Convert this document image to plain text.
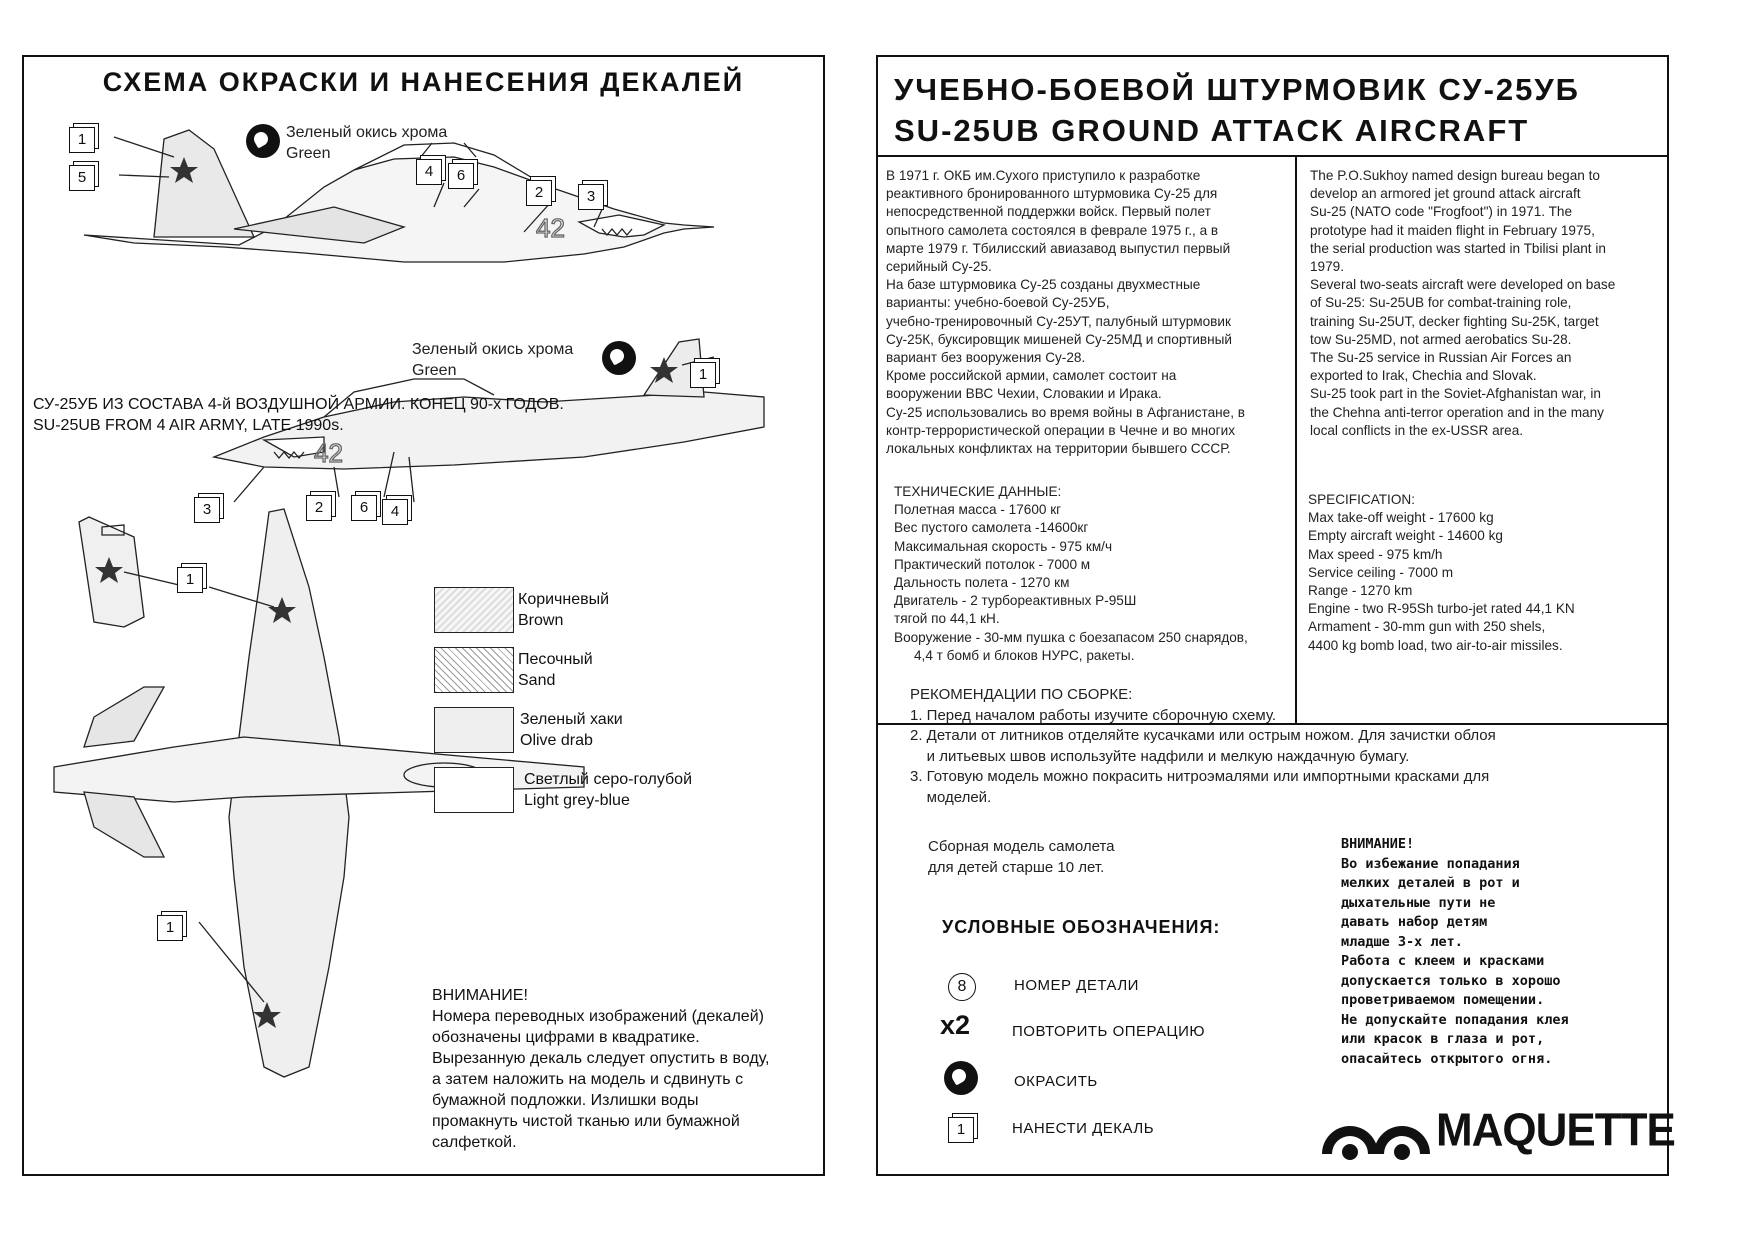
СХЕМА ОКРАСКИ И НАНЕСЕНИЯ ДЕКАЛЕЙ
Зеленый окись хрома
Green
Зеленый окись хрома
Green
42
42
1
5	4	6
2	3
1
3	2	6	4
1
1
СУ-25УБ ИЗ СОСТАВА 4-й ВОЗДУШНОЙ АРМИИ. КОНЕЦ 90-х ГОДОВ.
SU-25UB FROM 4 AIR ARMY, LATE 1990s.
Коричневый
Brown
Песочный
Sand
Зеленый хаки
Olive drab
Светлый серо-голубой
Light grey-blue
ВНИМАНИЕ!
Номера переводных изображений (декалей)
обозначены цифрами в квадратике.
Вырезанную декаль следует опустить в воду,
а затем наложить на модель и сдвинуть с
бумажной подложки. Излишки воды
промакнуть чистой тканью или бумажной
салфеткой.
УЧЕБНО-БОЕВОЙ ШТУРМОВИК СУ-25УБ
SU-25UB GROUND ATTACK AIRCRAFT
В 1971 г. ОКБ им.Сухого приступило к разработке
реактивного бронированного штурмовика Су-25 для
непосредственной поддержки войск. Первый полет
опытного самолета состоялся в феврале 1975 г., а в
марте 1979 г. Тбилисский авиазавод выпустил первый
серийный Су-25.
На базе штурмовика Су-25 созданы двухместные
варианты: учебно-боевой Су-25УБ,
учебно-тренировочный Су-25УТ, палубный штурмовик
Су-25К, буксировщик мишеней Су-25МД и спортивный
вариант без вооружения Су-28.
Кроме российской армии, самолет состоит на
вооружении ВВС Чехии, Словакии и Ирака.
Су-25 использовались во время войны в Афганистане, в
контр-террористической операции в Чечне и во многих
локальных конфликтах на территории бывшего СССР.
The P.O.Sukhoy named design bureau began to
develop an armored jet ground attack aircraft
Su-25 (NATO code "Frogfoot") in 1971. The
prototype had it maiden flight in February 1975,
the serial production was started in Tbilisi plant in
1979.
Several two-seats aircraft were developed on base
of Su-25: Su-25UB for combat-training role,
training Su-25UT, decker fighting Su-25K, target
tow Su-25MD, not armed aerobatics Su-28.
The Su-25 service in Russian Air Forces an
exported to Irak, Chechia and Slovak.
Su-25 took part in the Soviet-Afghanistan war, in
the Chehna anti-terror operation and in the many
local conflicts in the ex-USSR area.
ТЕХНИЧЕСКИЕ ДАННЫЕ:
Полетная масса - 17600 кг
Вес пустого самолета -14600кг
Максимальная скорость - 975 км/ч
Практический потолок - 7000 м
Дальность полета - 1270 км
Двигатель - 2 турбореактивных Р-95Ш
тягой по 44,1 кН.
Вооружение - 30-мм пушка с боезапасом 250 снарядов,
4,4 т бомб и блоков НУРС, ракеты.
SPECIFICATION:
Max take-off weight - 17600 kg
Empty aircraft weight - 14600 kg
Max speed - 975 km/h
Service ceiling - 7000 m
Range - 1270 km
Engine - two R-95Sh turbo-jet rated 44,1 KN
Armament - 30-mm gun with 250 shels,
4400 kg bomb load, two air-to-air missiles.
РЕКОМЕНДАЦИИ ПО СБОРКЕ:
1. Перед началом работы изучите сборочную схему.
2. Детали от литников отделяйте кусачками или острым ножом. Для зачистки облоя
и литьевых швов используйте надфили и мелкую наждачную бумагу.
3. Готовую модель можно покрасить нитроэмалями или импортными красками для
моделей.
Сборная модель самолета
для детей старше 10 лет.
УСЛОВНЫЕ ОБОЗНАЧЕНИЯ:
8	НОМЕР ДЕТАЛИ
x2	ПОВТОРИТЬ ОПЕРАЦИЮ
ОКРАСИТЬ
1	НАНЕСТИ ДЕКАЛЬ
ВНИМАНИЕ!
Во избежание попадания
мелких деталей в рот и
дыхательные пути не
давать набор детям
младше 3-х лет.
Работа с клеем и красками
допускается только в хорошо
проветриваемом помещении.
Не допускайте попадания клея
или красок в глаза и рот,
опасайтесь открытого огня.
MAQUETTE
